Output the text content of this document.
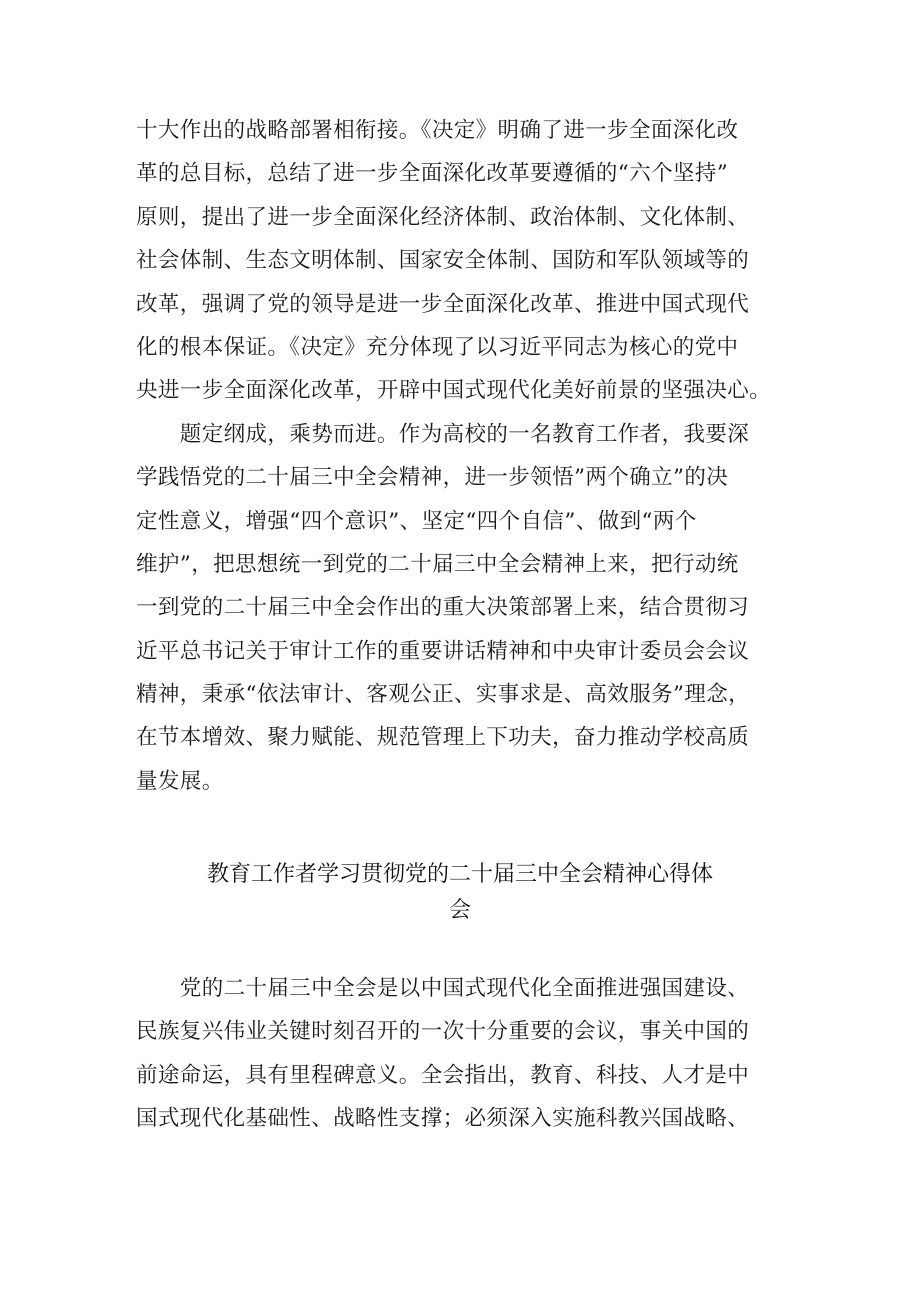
十大作出的战略部署相衔接。《决定》明确了进一步全面深化改
革的总目标，总结了进一步全面深化改革要遵循的“六个坚持”
原则，提出了进一步全面深化经济体制、政治体制、文化体制、
社会体制、生态文明体制、国家安全体制、国防和军队领域等的
改革，强调了党的领导是进一步全面深化改革、推进中国式现代
化的根本保证。《决定》充分体现了以习近平同志为核心的党中
央进一步全面深化改革，开辟中国式现代化美好前景的坚强决心。
　　题定纲成，乘势而进。作为高校的一名教育工作者，我要深
学践悟党的二十届三中全会精神，进一步领悟”两个确立”的决
定性意义，增强“四个意识”、坚定“四个自信”、做到“两个
维护”，把思想统一到党的二十届三中全会精神上来，把行动统
一到党的二十届三中全会作出的重大决策部署上来，结合贯彻习
近平总书记关于审计工作的重要讲话精神和中央审计委员会会议
精神，秉承“依法审计、客观公正、实事求是、高效服务”理念，
在节本增效、聚力赋能、规范管理上下功夫，奋力推动学校高质
量发展。
教育工作者学习贯彻党的二十届三中全会精神心得体
会
　　党的二十届三中全会是以中国式现代化全面推进强国建设、
民族复兴伟业关键时刻召开的一次十分重要的会议，事关中国的
前途命运，具有里程碑意义。全会指出，教育、科技、人才是中
国式现代化基础性、战略性支撑；必须深入实施科教兴国战略、
